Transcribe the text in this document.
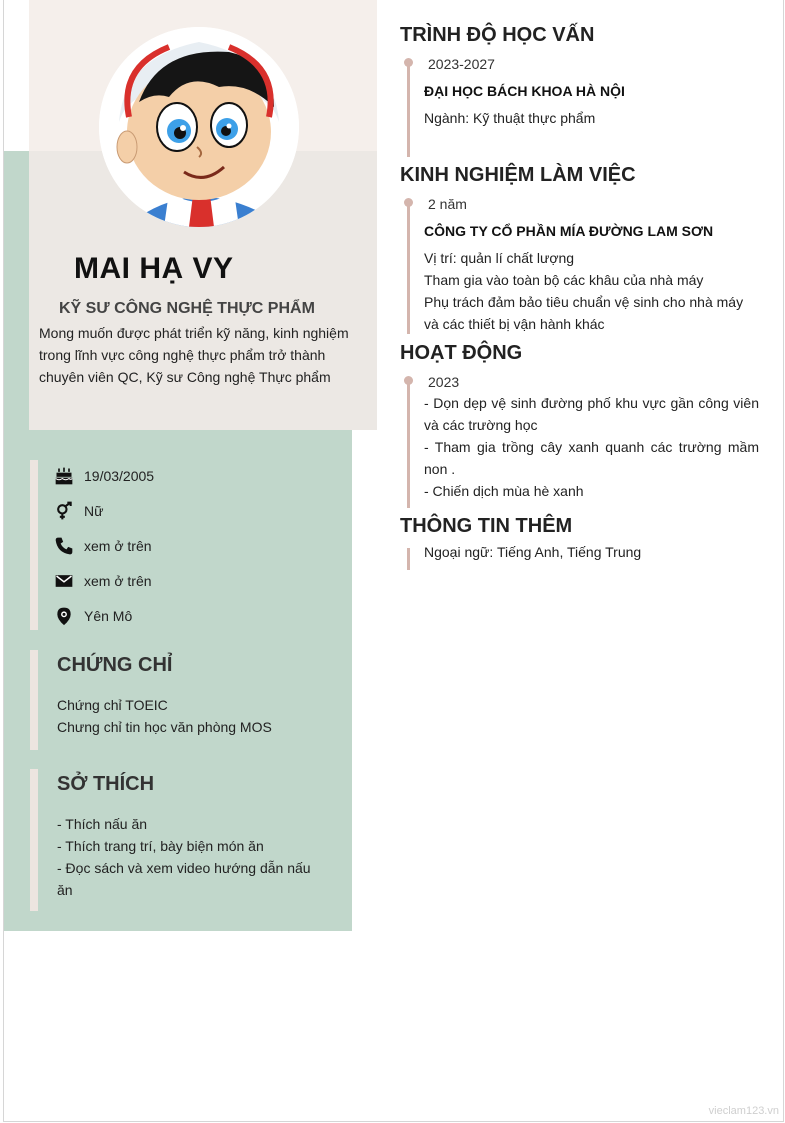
MAI HẠ VY
KỸ SƯ CÔNG NGHỆ THỰC PHẨM
Mong muốn được phát triển kỹ năng, kinh nghiệm trong lĩnh vực công nghệ thực phẩm trở thành chuyên viên QC, Kỹ sư Công nghệ Thực phẩm
19/03/2005
Nữ
xem ở trên
xem ở trên
Yên Mô
CHỨNG CHỈ
Chứng chỉ TOEIC
Chưng chỉ tin học văn phòng MOS
SỞ THÍCH
- Thích nấu ăn
- Thích trang trí, bày biện món ăn
- Đọc sách và xem video hướng dẫn nấu ăn
TRÌNH ĐỘ HỌC VẤN
2023-2027
ĐẠI HỌC BÁCH KHOA HÀ NỘI
Ngành: Kỹ thuật thực phẩm
KINH NGHIỆM LÀM VIỆC
2 năm
CÔNG TY CỔ PHẦN MÍA ĐƯỜNG LAM SƠN
Vị trí: quản lí chất lượng
Tham gia vào toàn bộ các khâu của nhà máy
Phụ trách đảm bảo tiêu chuẩn vệ sinh cho nhà máy và các thiết bị vận hành khác
HOẠT ĐỘNG
2023
- Dọn dẹp vệ sinh đường phố khu vực gần công viên và các trường học
- Tham gia trồng cây xanh quanh các trường mầm non .
- Chiến dịch mùa hè xanh
THÔNG TIN THÊM
Ngoại ngữ: Tiếng Anh, Tiếng Trung
vieclam123.vn
